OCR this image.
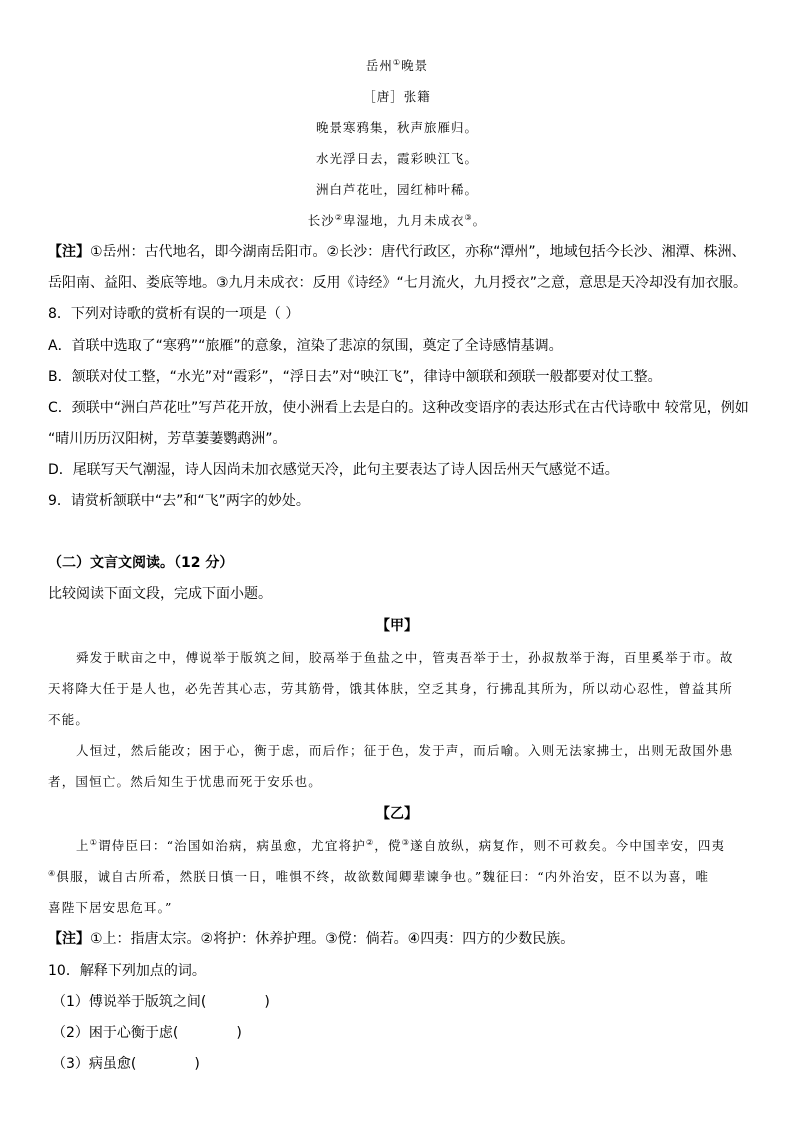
岳州①晚景
［唐］张籍
晚景寒鸦集，秋声旅雁归。
水光浮日去，霞彩映江飞。
洲白芦花吐，园红柿叶稀。
长沙②卑湿地，九月未成衣③。
【注】①岳州：古代地名，即今湖南岳阳市。②长沙：唐代行政区，亦称“潭州”，地域包括今长沙、湘潭、株洲、
岳阳南、益阳、娄底等地。③九月未成衣：反用《诗经》“七月流火，九月授衣”之意，意思是天冷却没有加衣服。
8．下列对诗歌的赏析有误的一项是（ ）
A．首联中选取了“寒鸦”“旅雁”的意象，渲染了悲凉的氛围，奠定了全诗感情基调。
B．颔联对仗工整，“水光”对“霞彩”，“浮日去”对“映江飞”，律诗中颔联和颈联一般都要对仗工整。
C．颈联中“洲白芦花吐”写芦花开放，使小洲看上去是白的。这种改变语序的表达形式在古代诗歌中 较常见，例如
“晴川历历汉阳树，芳草萋萋鹦鹉洲”。
D．尾联写天气潮湿，诗人因尚未加衣感觉天冷，此句主要表达了诗人因岳州天气感觉不适。
9．请赏析颔联中“去”和“飞”两字的妙处。
（二）文言文阅读。（12 分）
比较阅读下面文段，完成下面小题。
【甲】
舜发于畎亩之中，傅说举于版筑之间，胶鬲举于鱼盐之中，管夷吾举于士，孙叔敖举于海，百里奚举于市。故
天将降大任于是人也，必先苦其心志，劳其筋骨，饿其体肤，空乏其身，行拂乱其所为，所以动心忍性，曾益其所
不能。
人恒过，然后能改；困于心，衡于虑，而后作；征于色，发于声，而后喻。入则无法家拂士，出则无敌国外患
者，国恒亡。然后知生于忧患而死于安乐也。
【乙】
上①谓侍臣曰：“治国如治病，病虽愈，尤宜将护②，傥③遂自放纵，病复作，则不可救矣。今中国幸安，四夷
④俱服，诚自古所希，然朕日慎一日，唯惧不终，故欲数闻卿辈谏争也。”魏征曰：“内外治安，臣不以为喜，唯
喜陛下居安思危耳。”
【注】①上：指唐太宗。②将护：休养护理。③傥：倘若。④四夷：四方的少数民族。
10．解释下列加点的词。
（1）傅说举于版筑之间(	)
（2）困于心衡于虑(	)
（3）病虽愈(	)
